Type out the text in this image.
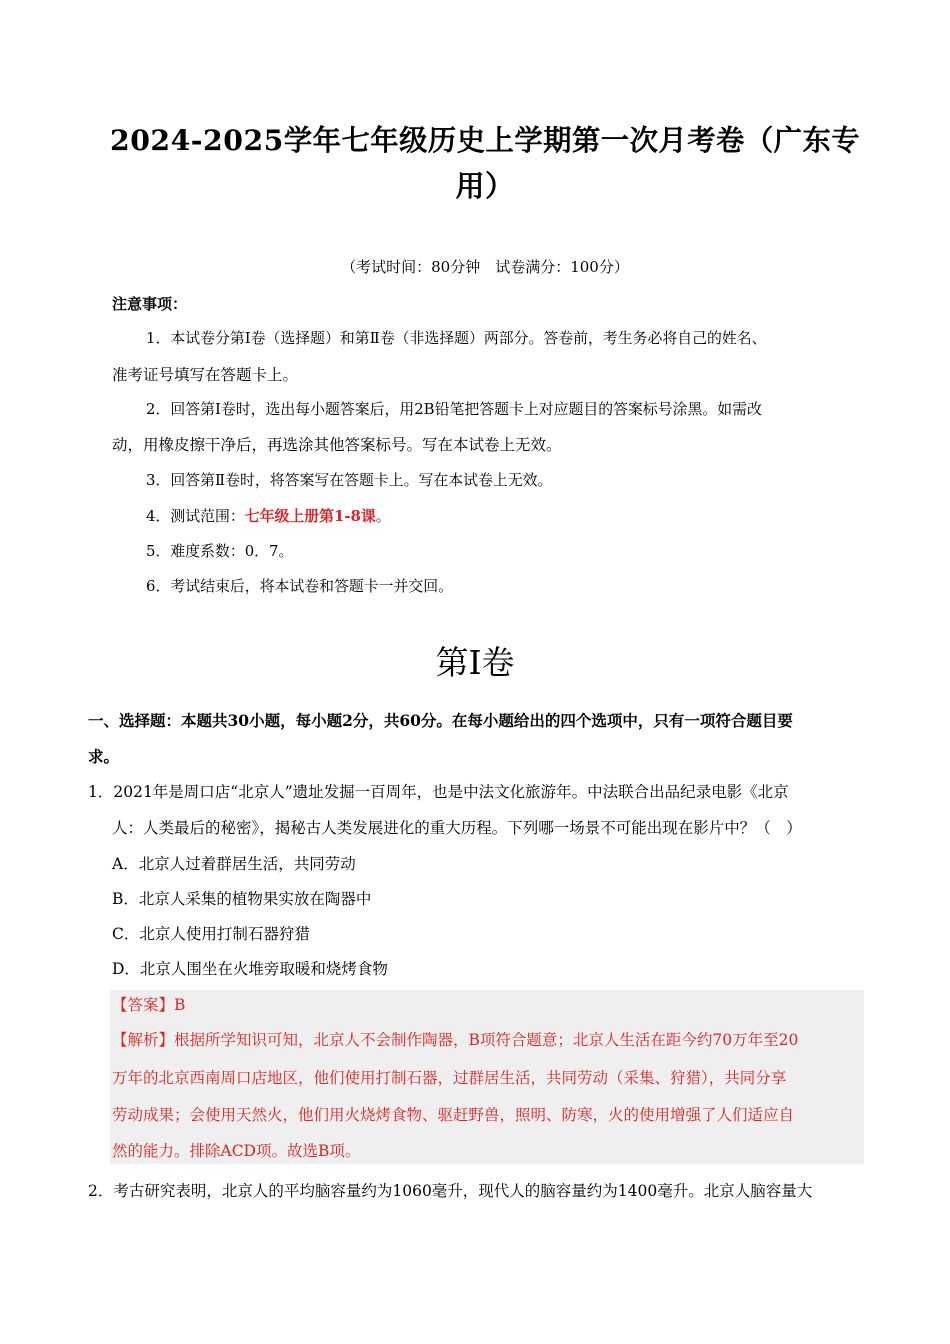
2024-2025学年七年级历史上学期第一次月考卷（广东专
用）
（考试时间：80分钟　试卷满分：100分）
注意事项：
1．本试卷分第Ⅰ卷（选择题）和第Ⅱ卷（非选择题）两部分。答卷前，考生务必将自己的姓名、
准考证号填写在答题卡上。
2．回答第Ⅰ卷时，选出每小题答案后，用2B铅笔把答题卡上对应题目的答案标号涂黑。如需改
动，用橡皮擦干净后，再选涂其他答案标号。写在本试卷上无效。
3．回答第Ⅱ卷时，将答案写在答题卡上。写在本试卷上无效。
4．测试范围：七年级上册第1-8课。
5．难度系数：0．7。
6．考试结束后，将本试卷和答题卡一并交回。
第Ⅰ卷
一、选择题：本题共30小题，每小题2分，共60分。在每小题给出的四个选项中，只有一项符合题目要
求。
1．2021年是周口店“北京人”遗址发掘一百周年，也是中法文化旅游年。中法联合出品纪录电影《北京
人：人类最后的秘密》，揭秘古人类发展进化的重大历程。下列哪一场景不可能出现在影片中？（　）
A．北京人过着群居生活，共同劳动
B．北京人采集的植物果实放在陶器中
C．北京人使用打制石器狩猎
D．北京人围坐在火堆旁取暖和烧烤食物
【答案】B
【解析】根据所学知识可知，北京人不会制作陶器，B项符合题意；北京人生活在距今约70万年至20
万年的北京西南周口店地区，他们使用打制石器，过群居生活，共同劳动（采集、狩猎），共同分享
劳动成果；会使用天然火，他们用火烧烤食物、驱赶野兽，照明、防寒，火的使用增强了人们适应自
然的能力。排除ACD项。故选B项。
2．考古研究表明，北京人的平均脑容量约为1060毫升，现代人的脑容量约为1400毫升。北京人脑容量大
